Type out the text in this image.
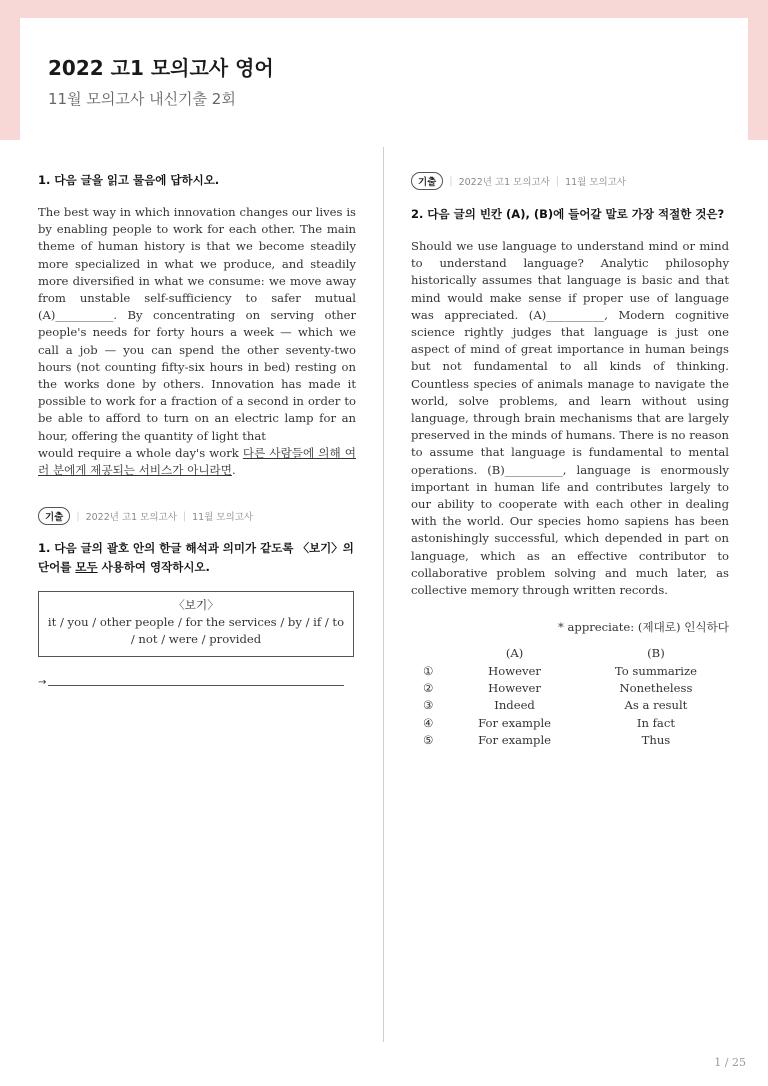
2022 고1 모의고사 영어
11월 모의고사 내신기출 2회

1. 다음 글을 읽고 물음에 답하시오.

The best way in which innovation changes our lives is by enabling people to work for each other. The main theme of human history is that we become steadily more specialized in what we produce, and steadily more diversified in what we consume: we move away from unstable self-sufficiency to safer mutual (A)__________. By concentrating on serving other people's needs for forty hours a week — which we call a job — you can spend the other seventy-two hours (not counting fifty-six hours in bed) resting on the works done by others. Innovation has made it possible to work for a fraction of a second in order to be able to afford to turn on an electric lamp for an hour, offering the quantity of light that
would require a whole day's work 다른 사람들에 의해 여러 분에게 제공되는 서비스가 아니라면.

기출	| 2022년 고1 모의고사 | 11월 모의고사

1. 다음 글의 괄호 안의 한글 해석과 의미가 같도록 〈보기〉의 단어를 모두 사용하여 영작하시오.

〈보기〉
it / you / other people / for the services / by / if / to / not / were / provided
→
기출	| 2022년 고1 모의고사 | 11월 모의고사

2. 다음 글의 빈칸 (A), (B)에 들어갈 말로 가장 적절한 것은?

Should we use language to understand mind or mind to understand language? Analytic philosophy historically assumes that language is basic and that mind would make sense if proper use of language was appreciated. (A)__________, Modern cognitive science rightly judges that language is just one aspect of mind of great importance in human beings but not fundamental to all kinds of thinking. Countless species of animals manage to navigate the world, solve problems, and learn without using language, through brain mechanisms that are largely preserved in the minds of humans. There is no reason to assume that language is fundamental to mental operations. (B)__________, language is enormously important in human life and contributes largely to our ability to cooperate with each other in dealing with the world. Our species homo sapiens has been astonishingly successful, which depended in part on language, which as an effective contributor to collaborative problem solving and much later, as collective memory through written records.

* appreciate: (제대로) 인식하다
(A)	(B)
①	However	To summarize
②	However	Nonetheless
③	Indeed	As a result
④	For example	In fact
⑤	For example	Thus
1 / 25
